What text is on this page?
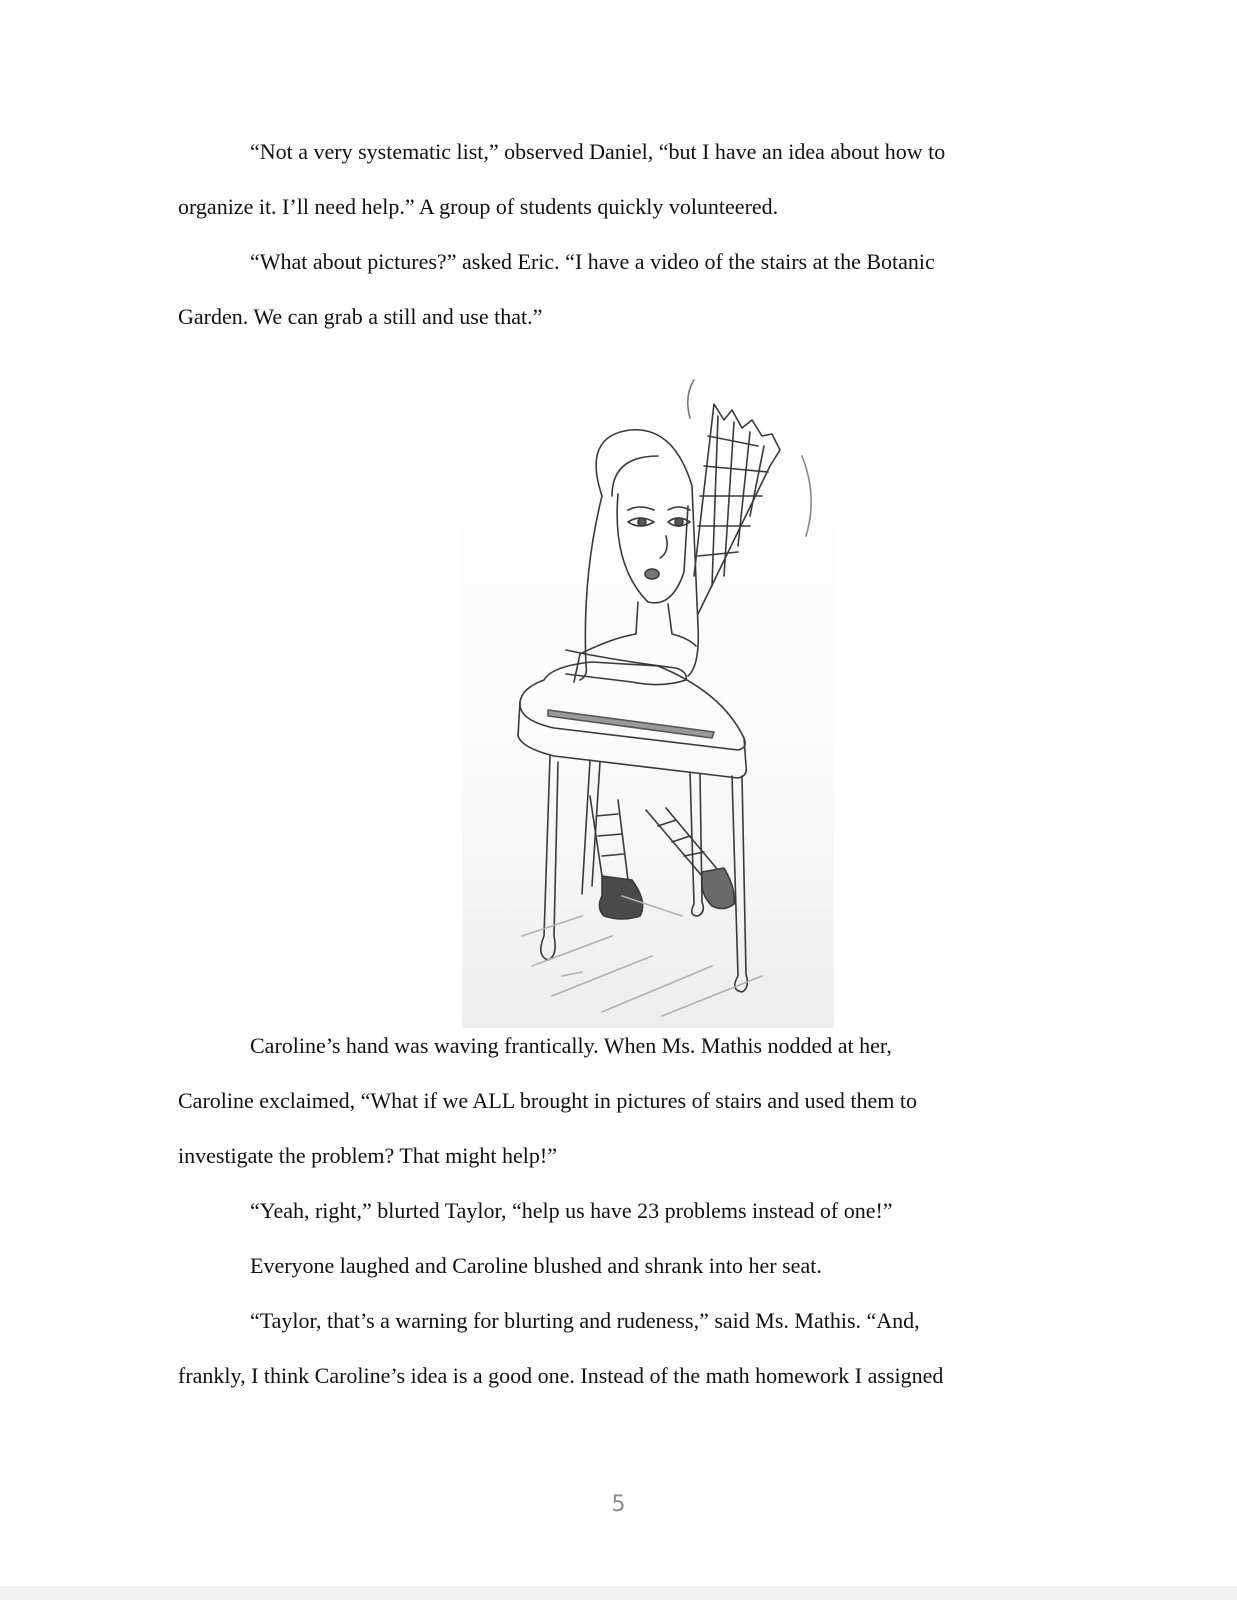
“Not a very systematic list,” observed Daniel, “but I have an idea about how to
organize it. I’ll need help.” A group of students quickly volunteered.

“What about pictures?” asked Eric. “I have a video of the stairs at the Botanic
Garden. We can grab a still and use that.”

Caroline’s hand was waving frantically. When Ms. Mathis nodded at her,
Caroline exclaimed, “What if we ALL brought in pictures of stairs and used them to
investigate the problem? That might help!”

“Yeah, right,” blurted Taylor, “help us have 23 problems instead of one!”

Everyone laughed and Caroline blushed and shrank into her seat.

“Taylor, that’s a warning for blurting and rudeness,” said Ms. Mathis. “And,
frankly, I think Caroline’s idea is a good one. Instead of the math homework I assigned

5
